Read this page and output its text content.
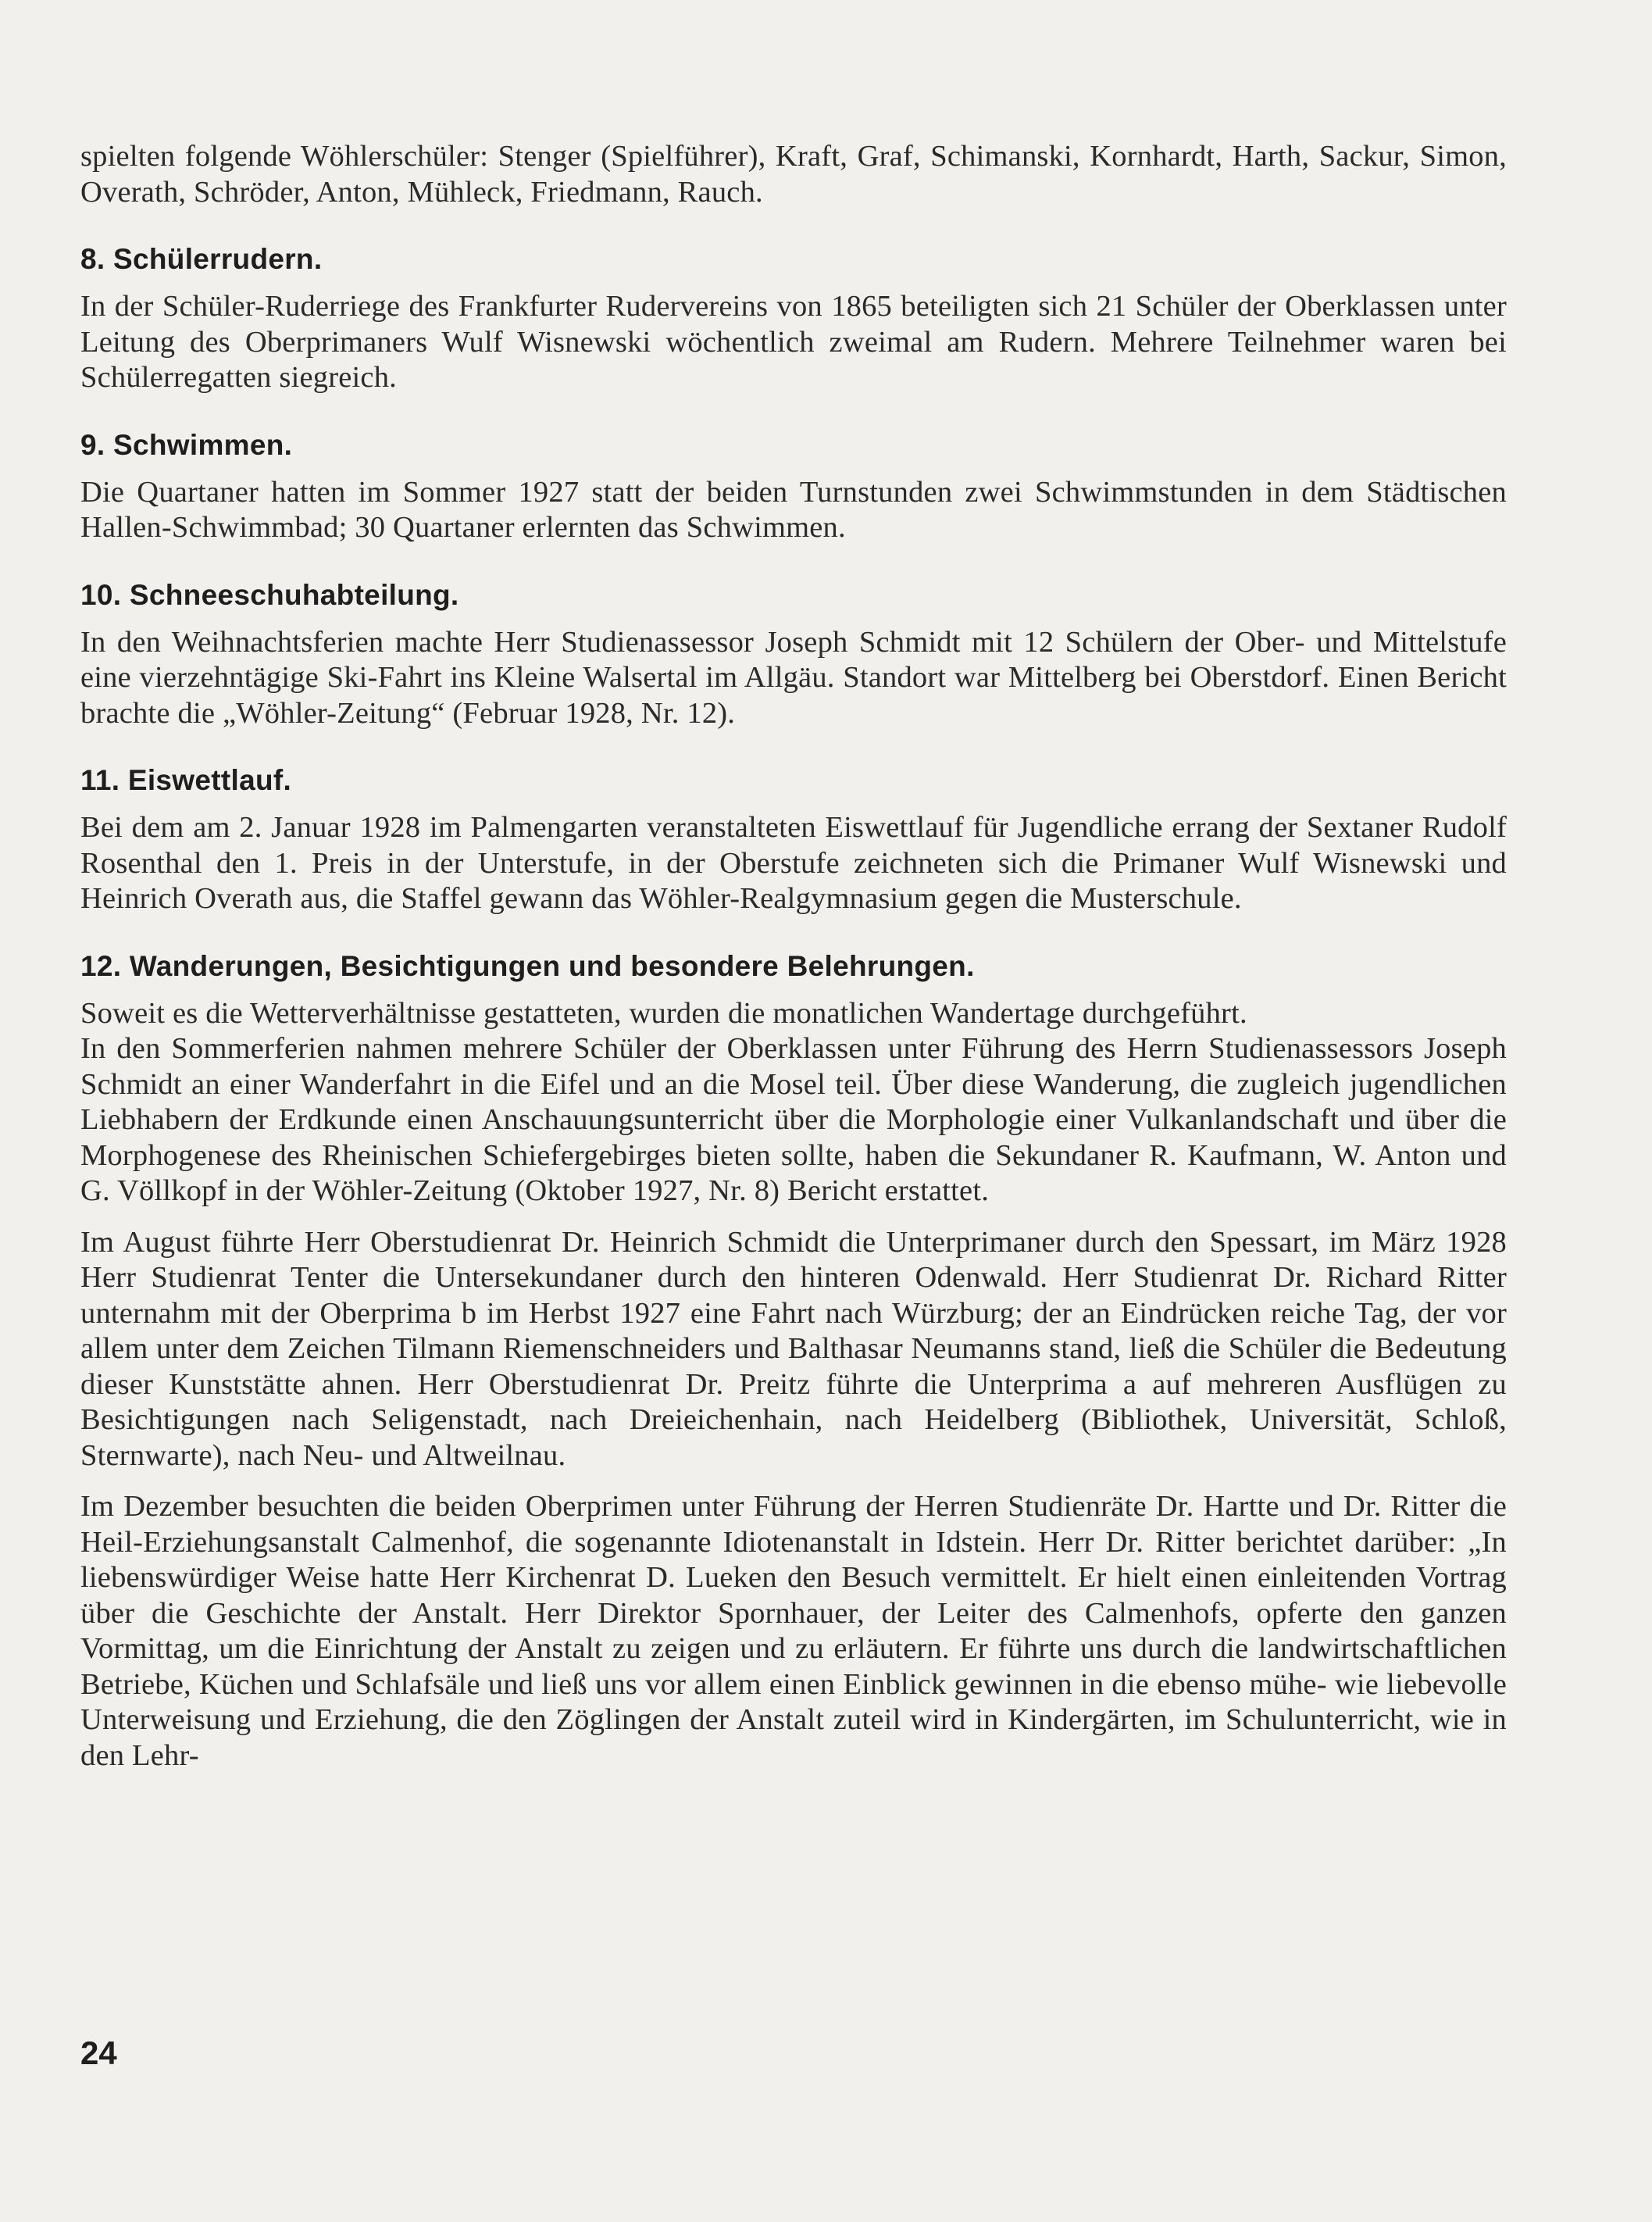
spielten folgende Wöhlerschüler: Stenger (Spielführer), Kraft, Graf, Schimanski, Kornhardt, Harth, Sackur, Simon, Overath, Schröder, Anton, Mühleck, Friedmann, Rauch.

8. Schülerrudern.

In der Schüler-Ruderriege des Frankfurter Rudervereins von 1865 beteiligten sich 21 Schüler der Oberklassen unter Leitung des Oberprimaners Wulf Wisnewski wöchentlich zweimal am Rudern. Mehrere Teilnehmer waren bei Schülerregatten siegreich.

9. Schwimmen.

Die Quartaner hatten im Sommer 1927 statt der beiden Turnstunden zwei Schwimmstunden in dem Städtischen Hallen-Schwimmbad; 30 Quartaner erlernten das Schwimmen.

10. Schneeschuhabteilung.

In den Weihnachtsferien machte Herr Studienassessor Joseph Schmidt mit 12 Schülern der Ober- und Mittelstufe eine vierzehntägige Ski-Fahrt ins Kleine Walsertal im Allgäu. Standort war Mittelberg bei Oberstdorf. Einen Bericht brachte die „Wöhler-Zeitung“ (Februar 1928, Nr. 12).

11. Eiswettlauf.

Bei dem am 2. Januar 1928 im Palmengarten veranstalteten Eiswettlauf für Jugendliche errang der Sextaner Rudolf Rosenthal den 1. Preis in der Unterstufe, in der Oberstufe zeichneten sich die Primaner Wulf Wisnewski und Heinrich Overath aus, die Staffel gewann das Wöhler-Realgymnasium gegen die Musterschule.

12. Wanderungen, Besichtigungen und besondere Belehrungen.

Soweit es die Wetterverhältnisse gestatteten, wurden die monatlichen Wandertage durchgeführt.

In den Sommerferien nahmen mehrere Schüler der Oberklassen unter Führung des Herrn Studienassessors Joseph Schmidt an einer Wanderfahrt in die Eifel und an die Mosel teil. Über diese Wanderung, die zugleich jugendlichen Liebhabern der Erdkunde einen Anschauungsunterricht über die Morphologie einer Vulkanlandschaft und über die Morphogenese des Rheinischen Schiefergebirges bieten sollte, haben die Sekundaner R. Kaufmann, W. Anton und G. Völlkopf in der Wöhler-Zeitung (Oktober 1927, Nr. 8) Bericht erstattet.

Im August führte Herr Oberstudienrat Dr. Heinrich Schmidt die Unterprimaner durch den Spessart, im März 1928 Herr Studienrat Tenter die Untersekundaner durch den hinteren Odenwald. Herr Studienrat Dr. Richard Ritter unternahm mit der Oberprima b im Herbst 1927 eine Fahrt nach Würzburg; der an Eindrücken reiche Tag, der vor allem unter dem Zeichen Tilmann Riemenschneiders und Balthasar Neumanns stand, ließ die Schüler die Bedeutung dieser Kunststätte ahnen. Herr Oberstudienrat Dr. Preitz führte die Unterprima a auf mehreren Ausflügen zu Besichtigungen nach Seligenstadt, nach Dreieichenhain, nach Heidelberg (Bibliothek, Universität, Schloß, Sternwarte), nach Neu- und Altweilnau.

Im Dezember besuchten die beiden Oberprimen unter Führung der Herren Studienräte Dr. Hartte und Dr. Ritter die Heil-Erziehungsanstalt Calmenhof, die sogenannte Idiotenanstalt in Idstein. Herr Dr. Ritter berichtet darüber: „In liebenswürdiger Weise hatte Herr Kirchenrat D. Lueken den Besuch vermittelt. Er hielt einen einleitenden Vortrag über die Geschichte der Anstalt. Herr Direktor Spornhauer, der Leiter des Calmenhofs, opferte den ganzen Vormittag, um die Einrichtung der Anstalt zu zeigen und zu erläutern. Er führte uns durch die landwirtschaftlichen Betriebe, Küchen und Schlafsäle und ließ uns vor allem einen Einblick gewinnen in die ebenso mühe- wie liebevolle Unterweisung und Erziehung, die den Zöglingen der Anstalt zuteil wird in Kindergärten, im Schulunterricht, wie in den Lehr-

24
